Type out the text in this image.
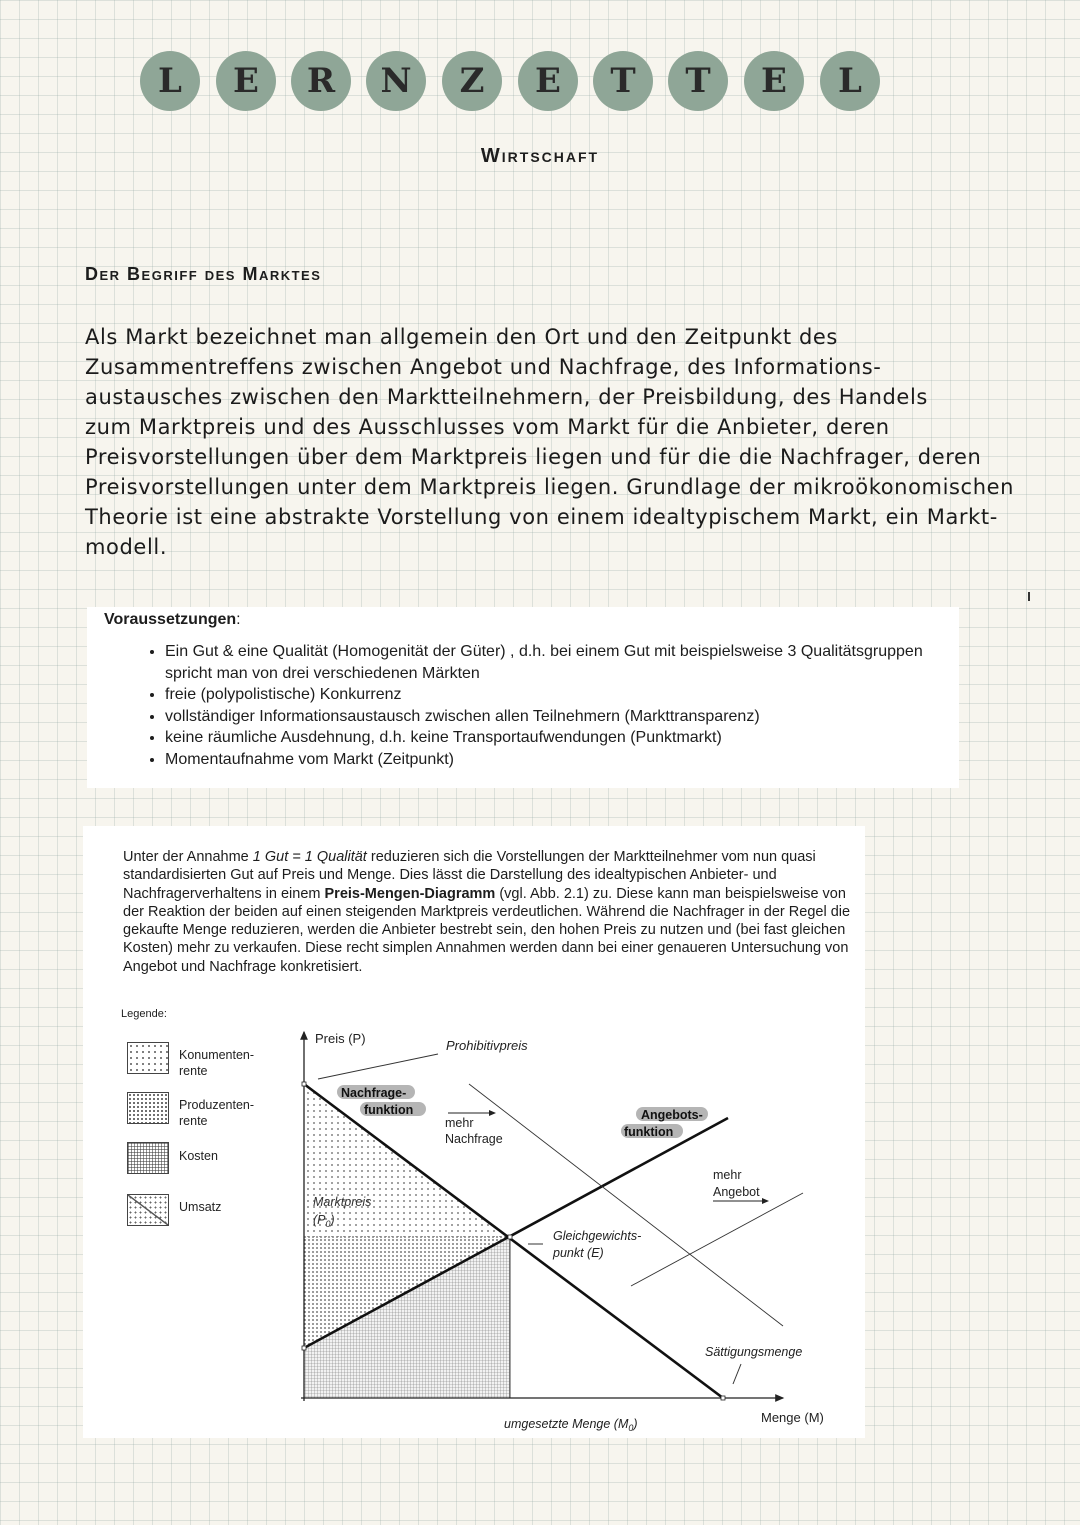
L	E	R	N	Z	E	T	T	E	L
Wirtschaft
Der Begriff des Marktes

Als Markt bezeichnet man allgemein den Ort und den Zeitpunkt des

Zusammentreffens zwischen Angebot und Nachfrage, des Informations-

austausches zwischen den Marktteilnehmern, der Preisbildung, des Handels

zum Marktpreis und des Ausschlusses vom Markt für die Anbieter, deren

Preisvorstellungen über dem Marktpreis liegen und für die die Nachfrager, deren

Preisvorstellungen unter dem Marktpreis liegen. Grundlage der mikroökonomischen

Theorie ist eine abstrakte Vorstellung von einem idealtypischem Markt, ein Markt-

modell.

Voraussetzungen:
• Ein Gut & eine Qualität (Homogenität der Güter) , d.h. bei einem Gut mit beispielsweise 3 Qualitätsgruppen spricht man von drei verschiedenen Märkten
• freie (polypolistische) Konkurrenz
• vollständiger Informationsaustausch zwischen allen Teilnehmern (Markttransparenz)
• keine räumliche Ausdehnung, d.h. keine Transportaufwendungen (Punktmarkt)
• Momentaufnahme vom Markt (Zeitpunkt)

Unter der Annahme 1 Gut = 1 Qualität reduzieren sich die Vorstellungen der Marktteilnehmer vom nun quasi standardisierten Gut auf Preis und Menge. Dies lässt die Darstellung des idealtypischen Anbieter- und Nachfragerverhaltens in einem Preis-Mengen-Diagramm (vgl. Abb. 2.1) zu. Diese kann man beispielsweise von der Reaktion der beiden auf einen steigenden Marktpreis verdeutlichen. Während die Nachfrager in der Regel die gekaufte Menge reduzieren, werden die Anbieter bestrebt sein, den hohen Preis zu nutzen und (bei fast gleichen Kosten) mehr zu verkaufen. Diese recht simplen Annahmen werden dann bei einer genaueren Untersuchung von Angebot und Nachfrage konkretisiert.

Legende:
Konumenten-
rente
Produzenten-
rente
Kosten
Umsatz
Preis (P)
Menge (M)
Prohibitivpreis
Nachfrage-
funktion	Angebots-
funktion
mehr
Nachfrage
mehr
Angebot
Marktpreis
$(P_0)$
Gleichgewichts-
punkt (E)
Sättigungsmenge
umgesetzte Menge $(M_0)$
